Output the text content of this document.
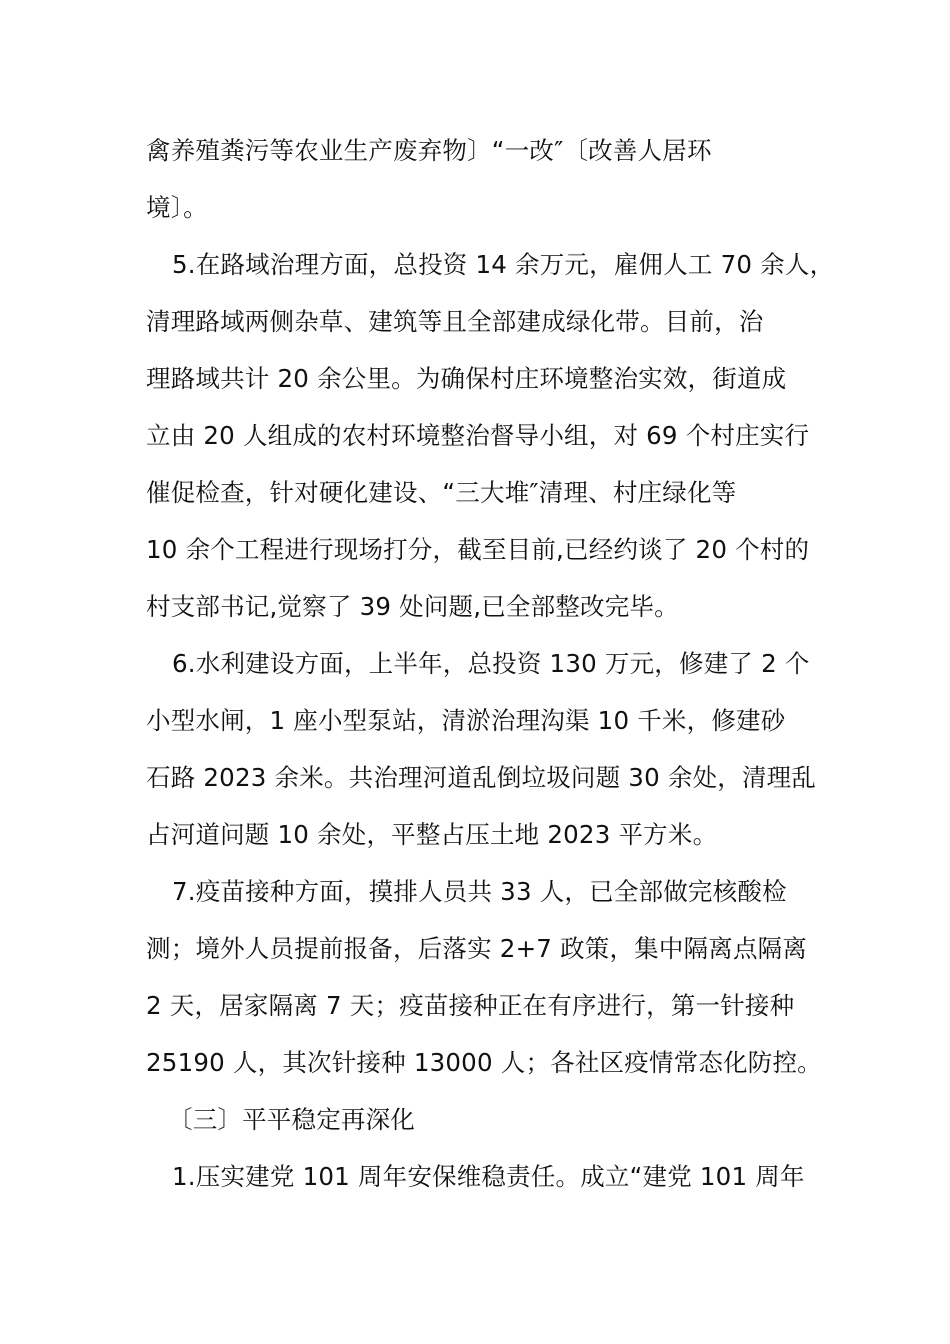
禽养殖粪污等农业生产废弃物〕“一改″〔改善人居环
境〕。
5.在路域治理方面，总投资 14 余万元，雇佣人工 70 余人，
清理路域两侧杂草、建筑等且全部建成绿化带。目前，治
理路域共计 20 余公里。为确保村庄环境整治实效，街道成
立由 20 人组成的农村环境整治督导小组，对 69 个村庄实行
催促检查，针对硬化建设、“三大堆″清理、村庄绿化等
10 余个工程进行现场打分，截至目前,已经约谈了 20 个村的
村支部书记,觉察了 39 处问题,已全部整改完毕。
6.水利建设方面，上半年，总投资 130 万元，修建了 2 个
小型水闸，1 座小型泵站，清淤治理沟渠 10 千米，修建砂
石路 2023 余米。共治理河道乱倒垃圾问题 30 余处，清理乱
占河道问题 10 余处，平整占压土地 2023 平方米。
7.疫苗接种方面，摸排人员共 33 人，已全部做完核酸检
测；境外人员提前报备，后落实 2+7 政策，集中隔离点隔离
2 天，居家隔离 7 天；疫苗接种正在有序进行，第一针接种
25190 人，其次针接种 13000 人；各社区疫情常态化防控。
〔三〕平平稳定再深化
1.压实建党 101 周年安保维稳责任。成立“建党 101 周年
